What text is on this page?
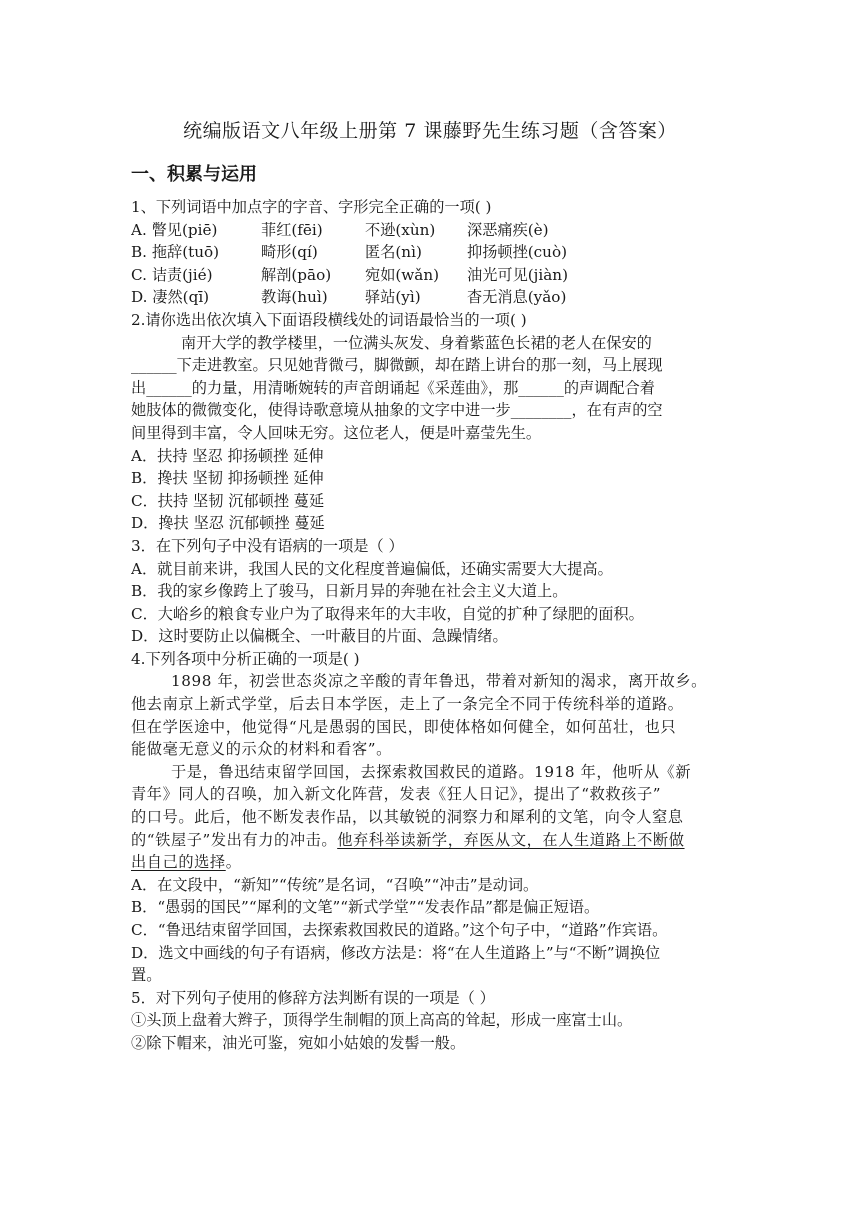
统编版语文八年级上册第 7 课藤野先生练习题（含答案）
一、积累与运用
1、下列词语中加点字的字音、字形完全正确的一项( )
A. 瞥见(piē)	菲红(fēi)	不逊(xùn)	深恶痛疾(è)
B. 拖辞(tuō)	畸形(qí)	匿名(nì)	抑扬顿挫(cuò)
C. 诘责(jié)	解剖(pāo)	宛如(wǎn)	油光可见(jiàn)
D. 凄然(qī)	教诲(huì)	驿站(yì)	杳无消息(yǎo)
2.请你选出依次填入下面语段横线处的词语最恰当的一项( )
南开大学的教学楼里，一位满头灰发、身着紫蓝色长裙的老人在保安的
______下走进教室。只见她背微弓，脚微颤，却在踏上讲台的那一刻，马上展现
出______的力量，用清晰婉转的声音朗诵起《采莲曲》，那______的声调配合着
她肢体的微微变化，使得诗歌意境从抽象的文字中进一步________，在有声的空
间里得到丰富，令人回味无穷。这位老人，便是叶嘉莹先生。
A．扶持 坚忍 抑扬顿挫 延伸
B．搀扶 坚韧 抑扬顿挫 延伸
C．扶持 坚韧 沉郁顿挫 蔓延
D．搀扶 坚忍 沉郁顿挫 蔓延
3．在下列句子中没有语病的一项是（ ）
A．就目前来讲，我国人民的文化程度普遍偏低，还确实需要大大提高。
B．我的家乡像跨上了骏马，日新月异的奔驰在社会主义大道上。
C．大峪乡的粮食专业户为了取得来年的大丰收，自觉的扩种了绿肥的面积。
D．这时要防止以偏概全、一叶蔽目的片面、急躁情绪。
4.下列各项中分析正确的一项是( )
1898 年，初尝世态炎凉之辛酸的青年鲁迅，带着对新知的渴求，离开故乡。
他去南京上新式学堂，后去日本学医，走上了一条完全不同于传统科举的道路。
但在学医途中，他觉得“凡是愚弱的国民，即使体格如何健全，如何茁壮，也只
能做毫无意义的示众的材料和看客”。
于是，鲁迅结束留学回国，去探索救国救民的道路。1918 年，他听从《新
青年》同人的召唤，加入新文化阵营，发表《狂人日记》，提出了“救救孩子”
的口号。此后，他不断发表作品，以其敏锐的洞察力和犀利的文笔，向令人窒息
的“铁屋子”发出有力的冲击。他弃科举读新学，弃医从文，在人生道路上不断做
出自己的选择。
A．在文段中，“新知”“传统”是名词，“召唤”“冲击”是动词。
B．“愚弱的国民”“犀利的文笔”“新式学堂”“发表作品”都是偏正短语。
C．“鲁迅结束留学回国，去探索救国救民的道路。”这个句子中，“道路”作宾语。
D．选文中画线的句子有语病，修改方法是：将“在人生道路上”与“不断”调换位
置。
5．对下列句子使用的修辞方法判断有误的一项是（ ）
①头顶上盘着大辫子，顶得学生制帽的顶上高高的耸起，形成一座富士山。
②除下帽来，油光可鉴，宛如小姑娘的发髻一般。
